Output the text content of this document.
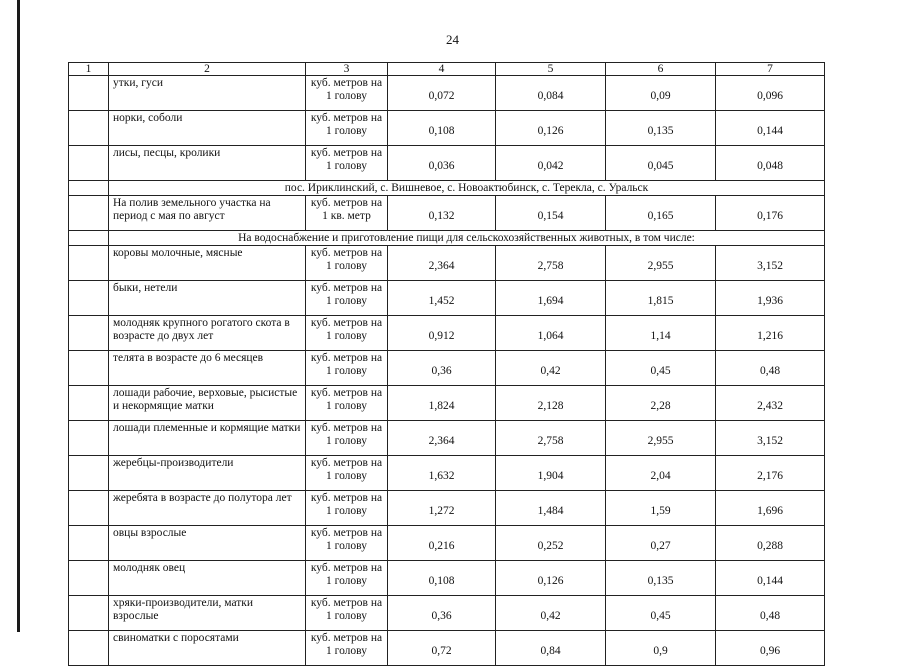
24
1	2	3	4	5	6	7
	утки, гуси	куб. метров на 1 голову	0,072	0,084	0,09	0,096
	норки, соболи	куб. метров на 1 голову	0,108	0,126	0,135	0,144
	лисы, песцы, кролики	куб. метров на 1 голову	0,036	0,042	0,045	0,048
	пос. Ириклинский, с. Вишневое, с. Новоактюбинск, с. Терекла, с. Уральск					
	На полив земельного участка на период с мая по август	куб. метров на 1 кв. метр	0,132	0,154	0,165	0,176
	На водоснабжение и приготовление пищи для сельскохозяйственных животных, в том числе:					
	коровы молочные, мясные	куб. метров на 1 голову	2,364	2,758	2,955	3,152
	быки, нетели	куб. метров на 1 голову	1,452	1,694	1,815	1,936
	молодняк крупного рогатого скота в возрасте до двух лет	куб. метров на 1 голову	0,912	1,064	1,14	1,216
	телята в возрасте до 6 месяцев	куб. метров на 1 голову	0,36	0,42	0,45	0,48
	лошади рабочие, верховые, рысистые и некормящие матки	куб. метров на 1 голову	1,824	2,128	2,28	2,432
	лошади племенные и кормящие матки	куб. метров на 1 голову	2,364	2,758	2,955	3,152
	жеребцы-производители	куб. метров на 1 голову	1,632	1,904	2,04	2,176
	жеребята в возрасте до полутора лет	куб. метров на 1 голову	1,272	1,484	1,59	1,696
	овцы взрослые	куб. метров на 1 голову	0,216	0,252	0,27	0,288
	молодняк овец	куб. метров на 1 голову	0,108	0,126	0,135	0,144
	хряки-производители, матки взрослые	куб. метров на 1 голову	0,36	0,42	0,45	0,48
	свиноматки с поросятами	куб. метров на 1 голову	0,72	0,84	0,9	0,96
